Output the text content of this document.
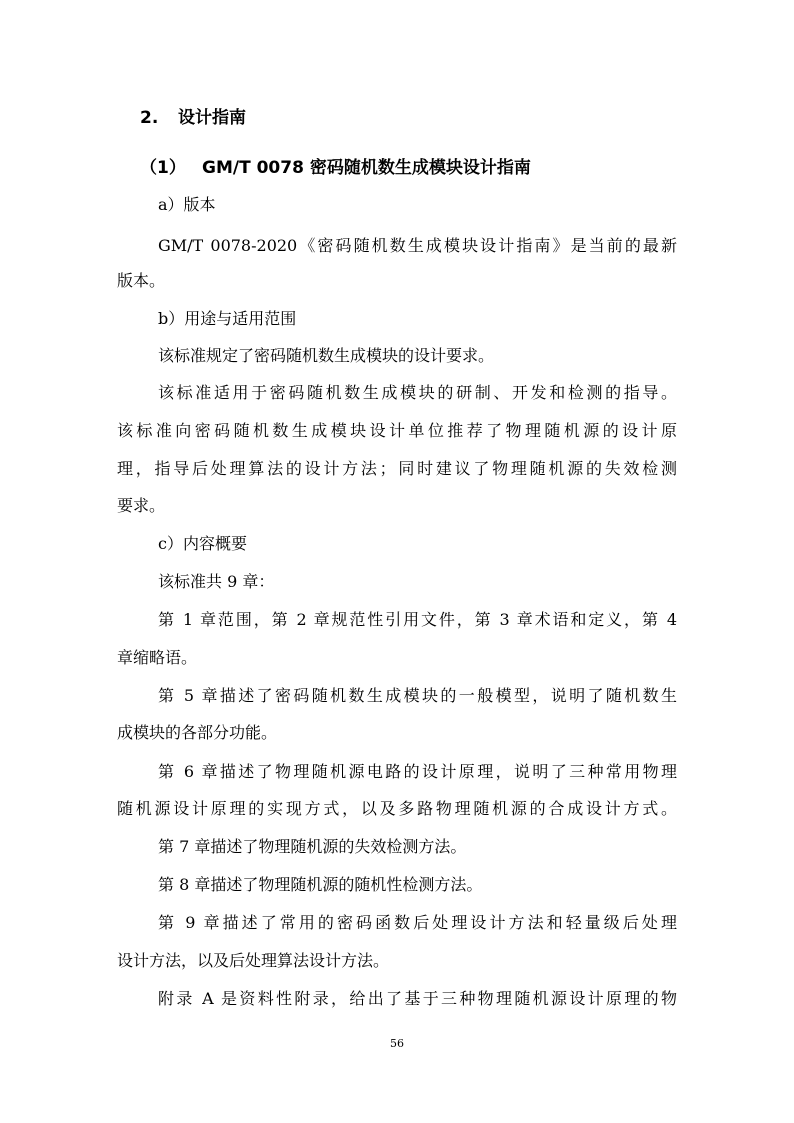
2. 设计指南
（1） GM/T 0078 密码随机数生成模块设计指南
a）版本
GM/T 0078-2020《密码随机数生成模块设计指南》是当前的最新
版本。
b）用途与适用范围
该标准规定了密码随机数生成模块的设计要求。
该标准适用于密码随机数生成模块的研制、开发和检测的指导。
该标准向密码随机数生成模块设计单位推荐了物理随机源的设计原
理，指导后处理算法的设计方法；同时建议了物理随机源的失效检测
要求。
c）内容概要
该标准共 9 章：
第 1 章范围，第 2 章规范性引用文件，第 3 章术语和定义，第 4
章缩略语。
第 5 章描述了密码随机数生成模块的一般模型，说明了随机数生
成模块的各部分功能。
第 6 章描述了物理随机源电路的设计原理，说明了三种常用物理
随机源设计原理的实现方式，以及多路物理随机源的合成设计方式。
第 7 章描述了物理随机源的失效检测方法。
第 8 章描述了物理随机源的随机性检测方法。
第 9 章描述了常用的密码函数后处理设计方法和轻量级后处理
设计方法，以及后处理算法设计方法。
附录 A 是资料性附录，给出了基于三种物理随机源设计原理的物
56
